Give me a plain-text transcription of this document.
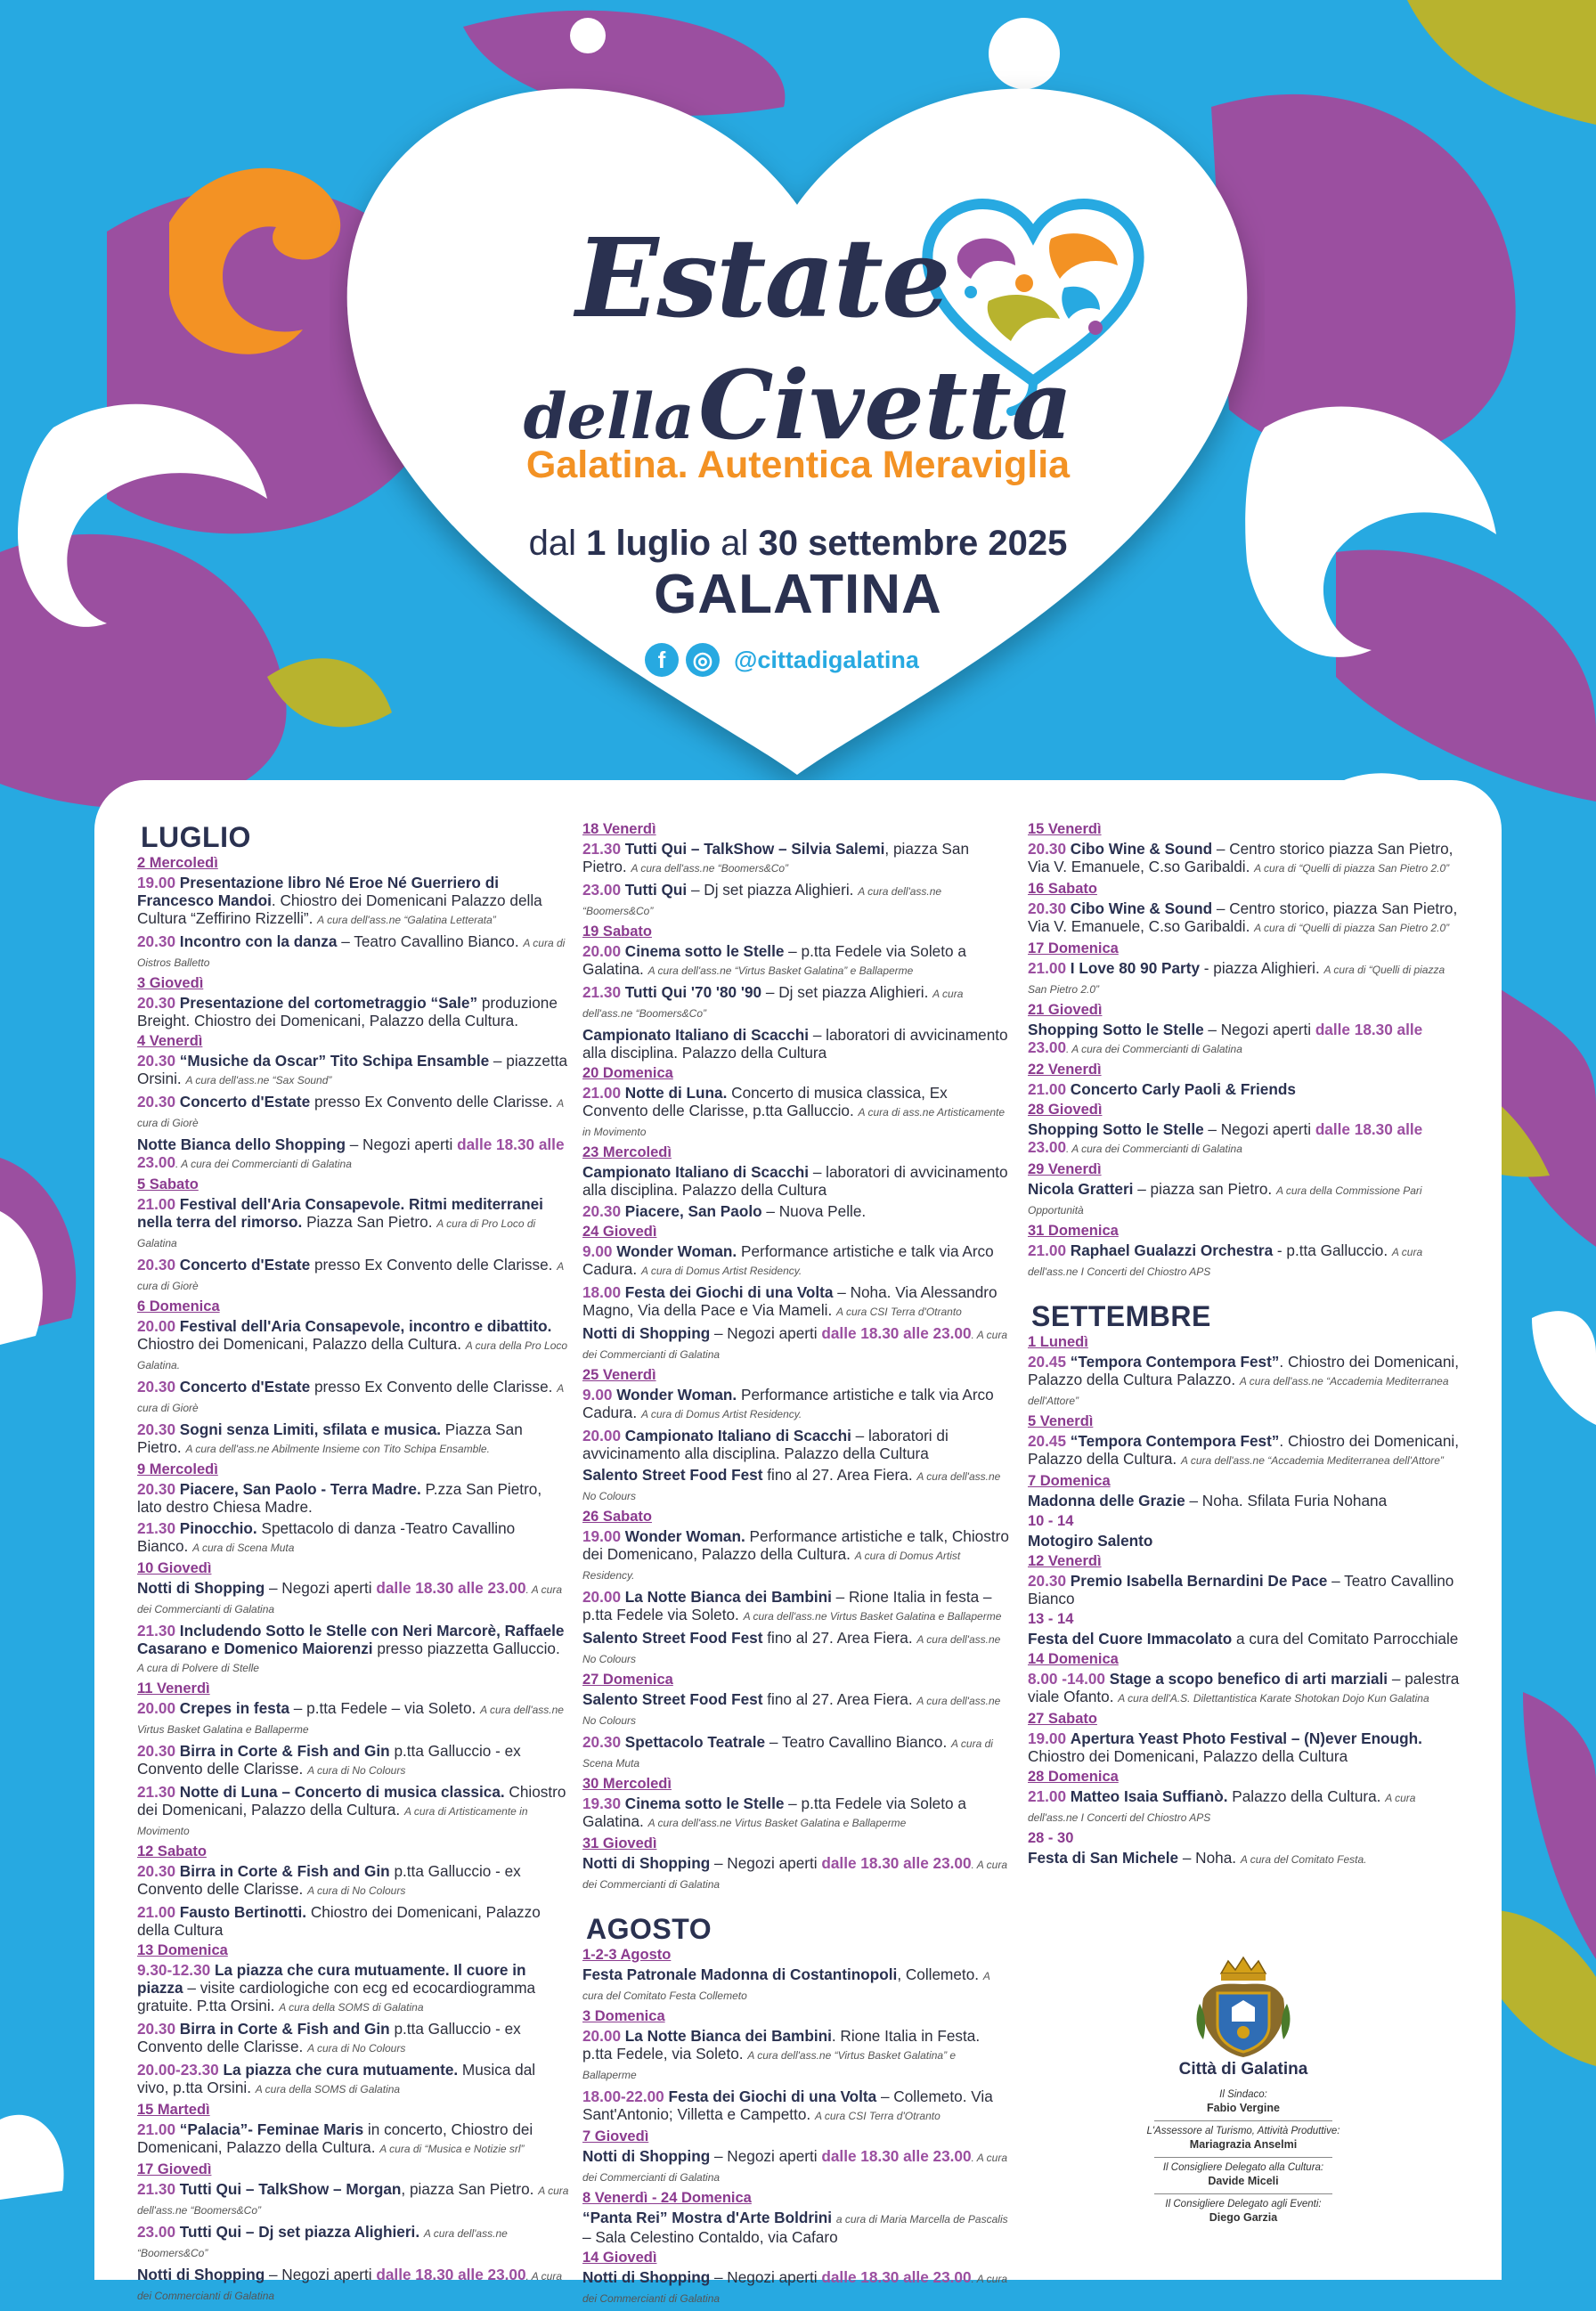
Estate
della Civetta
Galatina. Autentica Meraviglia
dal 1 luglio al 30 settembre 2025
GALATINA
f	◎ @cittadigalatina
LUGLIO
2 Mercoledì
19.00 Presentazione libro Né Eroe Né Guerriero di Francesco Mandoi. Chiostro dei Domenicani Palazzo della Cultura “Zeffirino Rizzelli”. A cura dell'ass.ne “Galatina Letterata”
20.30 Incontro con la danza – Teatro Cavallino Bianco. A cura di Oistros Balletto
3 Giovedì
20.30 Presentazione del cortometraggio “Sale” produzione Breight. Chiostro dei Domenicani, Palazzo della Cultura.
4 Venerdì
20.30 “Musiche da Oscar” Tito Schipa Ensamble – piazzetta Orsini. A cura dell'ass.ne “Sax Sound”
20.30 Concerto d'Estate presso Ex Convento delle Clarisse. A cura di Giorè
Notte Bianca dello Shopping – Negozi aperti dalle 18.30 alle 23.00. A cura dei Commercianti di Galatina
5 Sabato
21.00 Festival dell'Aria Consapevole. Ritmi mediterranei nella terra del rimorso. Piazza San Pietro. A cura di Pro Loco di Galatina
20.30 Concerto d'Estate presso Ex Convento delle Clarisse. A cura di Giorè
6 Domenica
20.00 Festival dell'Aria Consapevole, incontro e dibattito. Chiostro dei Domenicani, Palazzo della Cultura. A cura della Pro Loco Galatina.
20.30 Concerto d'Estate presso Ex Convento delle Clarisse. A cura di Giorè
20.30 Sogni senza Limiti, sfilata e musica. Piazza San Pietro. A cura dell'ass.ne Abilmente Insieme con Tito Schipa Ensamble.
9 Mercoledì
20.30 Piacere, San Paolo - Terra Madre. P.zza San Pietro, lato destro Chiesa Madre.
21.30 Pinocchio. Spettacolo di danza -Teatro Cavallino Bianco. A cura di Scena Muta
10 Giovedì
Notti di Shopping – Negozi aperti dalle 18.30 alle 23.00. A cura dei Commercianti di Galatina
21.30 Includendo Sotto le Stelle con Neri Marcorè, Raffaele Casarano e Domenico Maiorenzi presso piazzetta Galluccio. A cura di Polvere di Stelle
11 Venerdì
20.00 Crepes in festa – p.tta Fedele – via Soleto. A cura dell'ass.ne Virtus Basket Galatina e Ballaperme
20.30 Birra in Corte & Fish and Gin p.tta Galluccio - ex Convento delle Clarisse. A cura di No Colours
21.30 Notte di Luna – Concerto di musica classica. Chiostro dei Domenicani, Palazzo della Cultura. A cura di Artisticamente in Movimento
12 Sabato
20.30 Birra in Corte & Fish and Gin p.tta Galluccio - ex Convento delle Clarisse. A cura di No Colours
21.00 Fausto Bertinotti. Chiostro dei Domenicani, Palazzo della Cultura
13 Domenica
9.30-12.30 La piazza che cura mutuamente. Il cuore in piazza – visite cardiologiche con ecg ed ecocardiogramma gratuite. P.tta Orsini. A cura della SOMS di Galatina
20.30 Birra in Corte & Fish and Gin p.tta Galluccio - ex Convento delle Clarisse. A cura di No Colours
20.00-23.30 La piazza che cura mutuamente. Musica dal vivo, p.tta Orsini. A cura della SOMS di Galatina
15 Martedì
21.00 “Palacia”- Feminae Maris in concerto, Chiostro dei Domenicani, Palazzo della Cultura. A cura di “Musica e Notizie srl”
17 Giovedì
21.30 Tutti Qui – TalkShow – Morgan, piazza San Pietro. A cura dell'ass.ne “Boomers&Co”
23.00 Tutti Qui – Dj set piazza Alighieri. A cura dell'ass.ne “Boomers&Co”
Notti di Shopping – Negozi aperti dalle 18.30 alle 23.00. A cura dei Commercianti di Galatina
18 Venerdì
21.30 Tutti Qui – TalkShow – Silvia Salemi, piazza San Pietro. A cura dell'ass.ne “Boomers&Co”
23.00 Tutti Qui – Dj set piazza Alighieri. A cura dell'ass.ne “Boomers&Co”
19 Sabato
20.00 Cinema sotto le Stelle – p.tta Fedele via Soleto a Galatina. A cura dell'ass.ne “Virtus Basket Galatina” e Ballaperme
21.30 Tutti Qui '70 '80 '90 – Dj set piazza Alighieri. A cura dell'ass.ne “Boomers&Co”
Campionato Italiano di Scacchi – laboratori di avvicinamento alla disciplina. Palazzo della Cultura
20 Domenica
21.00 Notte di Luna. Concerto di musica classica, Ex Convento delle Clarisse, p.tta Galluccio. A cura di ass.ne Artisticamente in Movimento
23 Mercoledì
Campionato Italiano di Scacchi – laboratori di avvicinamento alla disciplina. Palazzo della Cultura
20.30 Piacere, San Paolo – Nuova Pelle.
24 Giovedì
9.00 Wonder Woman. Performance artistiche e talk via Arco Cadura. A cura di Domus Artist Residency.
18.00 Festa dei Giochi di una Volta – Noha. Via Alessandro Magno, Via della Pace e Via Mameli. A cura CSI Terra d'Otranto
Notti di Shopping – Negozi aperti dalle 18.30 alle 23.00. A cura dei Commercianti di Galatina
25 Venerdì
9.00 Wonder Woman. Performance artistiche e talk via Arco Cadura. A cura di Domus Artist Residency.
20.00 Campionato Italiano di Scacchi – laboratori di avvicinamento alla disciplina. Palazzo della Cultura
Salento Street Food Fest fino al 27. Area Fiera. A cura dell'ass.ne No Colours
26 Sabato
19.00 Wonder Woman. Performance artistiche e talk, Chiostro dei Domenicano, Palazzo della Cultura. A cura di Domus Artist Residency.
20.00 La Notte Bianca dei Bambini – Rione Italia in festa – p.tta Fedele via Soleto. A cura dell'ass.ne Virtus Basket Galatina e Ballaperme
Salento Street Food Fest fino al 27. Area Fiera. A cura dell'ass.ne No Colours
27 Domenica
Salento Street Food Fest fino al 27. Area Fiera. A cura dell'ass.ne No Colours
20.30 Spettacolo Teatrale – Teatro Cavallino Bianco. A cura di Scena Muta
30 Mercoledì
19.30 Cinema sotto le Stelle – p.tta Fedele via Soleto a Galatina. A cura dell'ass.ne Virtus Basket Galatina e Ballaperme
31 Giovedì
Notti di Shopping – Negozi aperti dalle 18.30 alle 23.00. A cura dei Commercianti di Galatina
AGOSTO
1-2-3 Agosto
Festa Patronale Madonna di Costantinopoli, Collemeto. A cura del Comitato Festa Collemeto
3 Domenica
20.00 La Notte Bianca dei Bambini. Rione Italia in Festa. p.tta Fedele, via Soleto. A cura dell'ass.ne “Virtus Basket Galatina” e Ballaperme
18.00-22.00 Festa dei Giochi di una Volta – Collemeto. Via Sant'Antonio; Villetta e Campetto. A cura CSI Terra d'Otranto
7 Giovedì
Notti di Shopping – Negozi aperti dalle 18.30 alle 23.00. A cura dei Commercianti di Galatina
8 Venerdì - 24 Domenica
“Panta Rei” Mostra d'Arte Boldrini a cura di Maria Marcella de Pascalis – Sala Celestino Contaldo, via Cafaro
14 Giovedì
Notti di Shopping – Negozi aperti dalle 18.30 alle 23.00. A cura dei Commercianti di Galatina
15 Venerdì
20.30 Cibo Wine & Sound – Centro storico piazza San Pietro, Via V. Emanuele, C.so Garibaldi. A cura di “Quelli di piazza San Pietro 2.0”
16 Sabato
20.30 Cibo Wine & Sound – Centro storico, piazza San Pietro, Via V. Emanuele, C.so Garibaldi. A cura di “Quelli di piazza San Pietro 2.0”
17 Domenica
21.00 I Love 80 90 Party - piazza Alighieri. A cura di “Quelli di piazza San Pietro 2.0”
21 Giovedì
Shopping Sotto le Stelle – Negozi aperti dalle 18.30 alle 23.00. A cura dei Commercianti di Galatina
22 Venerdì
21.00 Concerto Carly Paoli & Friends
28 Giovedì
Shopping Sotto le Stelle – Negozi aperti dalle 18.30 alle 23.00. A cura dei Commercianti di Galatina
29 Venerdì
Nicola Gratteri – piazza san Pietro. A cura della Commissione Pari Opportunità
31 Domenica
21.00 Raphael Gualazzi Orchestra - p.tta Galluccio. A cura dell'ass.ne I Concerti del Chiostro APS
SETTEMBRE
1 Lunedì
20.45 “Tempora Contempora Fest”. Chiostro dei Domenicani, Palazzo della Cultura Palazzo. A cura dell'ass.ne “Accademia Mediterranea dell'Attore”
5 Venerdì
20.45 “Tempora Contempora Fest”. Chiostro dei Domenicani, Palazzo della Cultura. A cura dell'ass.ne “Accademia Mediterranea dell'Attore”
7 Domenica
Madonna delle Grazie – Noha. Sfilata Furia Nohana
10 - 14
Motogiro Salento
12 Venerdì
20.30 Premio Isabella Bernardini De Pace – Teatro Cavallino Bianco
13 - 14
Festa del Cuore Immacolato a cura del Comitato Parrocchiale
14 Domenica
8.00 -14.00 Stage a scopo benefico di arti marziali – palestra viale Ofanto. A cura dell'A.S. Dilettantistica Karate Shotokan Dojo Kun Galatina
27 Sabato
19.00 Apertura Yeast Photo Festival – (N)ever Enough. Chiostro dei Domenicani, Palazzo della Cultura
28 Domenica
21.00 Matteo Isaia Suffianò. Palazzo della Cultura. A cura dell'ass.ne I Concerti del Chiostro APS
28 - 30
Festa di San Michele – Noha. A cura del Comitato Festa.
Città di Galatina
Il Sindaco:
Fabio Vergine
L'Assessore al Turismo, Attività Produttive:
Mariagrazia Anselmi
Il Consigliere Delegato alla Cultura:
Davide Miceli
Il Consigliere Delegato agli Eventi:
Diego Garzia
